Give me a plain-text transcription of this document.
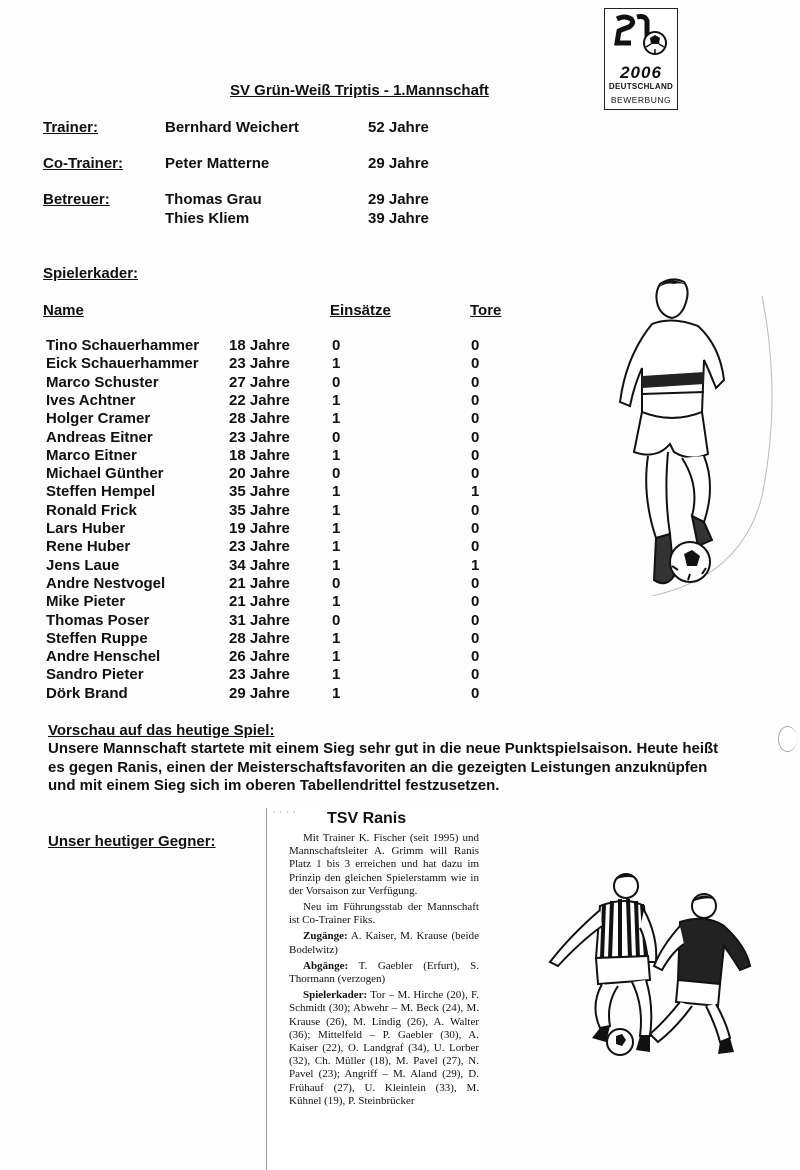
2006
DEUTSCHLAND
BEWERBUNG
SV Grün-Weiß Triptis - 1.Mannschaft
Trainer:	Bernhard Weichert	52 Jahre
Co-Trainer:	Peter Matterne	29 Jahre
Betreuer:	Thomas Grau	29 Jahre
Thies Kliem	39 Jahre
Spielerkader:
Name	Einsätze	Tore
Tino Schauerhammer 18 Jahre	0	0
Eick Schauerhammer 23 Jahre	1	0
Marco Schuster	27 Jahre	0	0
Ives Achtner	22 Jahre	1	0
Holger Cramer	28 Jahre	1	0
Andreas Eitner	23 Jahre	0	0
Marco Eitner	18 Jahre	1	0
Michael Günther	20 Jahre	0	0
Steffen Hempel	35 Jahre	1	1
Ronald Frick	35 Jahre	1	0
Lars Huber	19 Jahre	1	0
Rene Huber	23 Jahre	1	0
Jens Laue	34 Jahre	1	1
Andre Nestvogel	21 Jahre	0	0
Mike Pieter	21 Jahre	1	0
Thomas Poser	31 Jahre	0	0
Steffen Ruppe	28 Jahre	1	0
Andre Henschel	26 Jahre	1	0
Sandro Pieter	23 Jahre	1	0
Dörk Brand	29 Jahre	1	0
Vorschau auf das heutige Spiel:
Unsere Mannschaft startete mit einem Sieg sehr gut in die neue Punktspielsaison. Heute heißt es gegen Ranis, einen der Meisterschaftsfavoriten an die gezeigten Leistungen anzuknüpfen und mit einem Sieg sich im oberen Tabellendrittel festzusetzen.
Unser heutiger Gegner:
· · · · TSV Ranis

Mit Trainer K. Fischer (seit 1995) und Mannschaftsleiter A. Grimm will Ranis Platz 1 bis 3 erreichen und hat dazu im Prinzip den gleichen Spielerstamm wie in der Vorsaison zur Verfügung.

Neu im Führungsstab der Mannschaft ist Co-Trainer Fiks.

Zugänge: A. Kaiser, M. Krause (beide Bodelwitz)

Abgänge: T. Gaebler (Erfurt), S. Thormann (verzogen)

Spielerkader: Tor – M. Hirche (20), F. Schmidt (30); Abwehr – M. Beck (24), M. Krause (26), M. Lindig (26), A. Walter (36); Mittelfeld – P. Gaebler (30), A. Kaiser (22), O. Landgraf (34), U. Lorber (32), Ch. Müller (18), M. Pavel (27), N. Pavel (23); Angriff – M. Aland (29), D. Frühauf (27), U. Kleinlein (33), M. Kühnel (19), P. Steinbrücker
